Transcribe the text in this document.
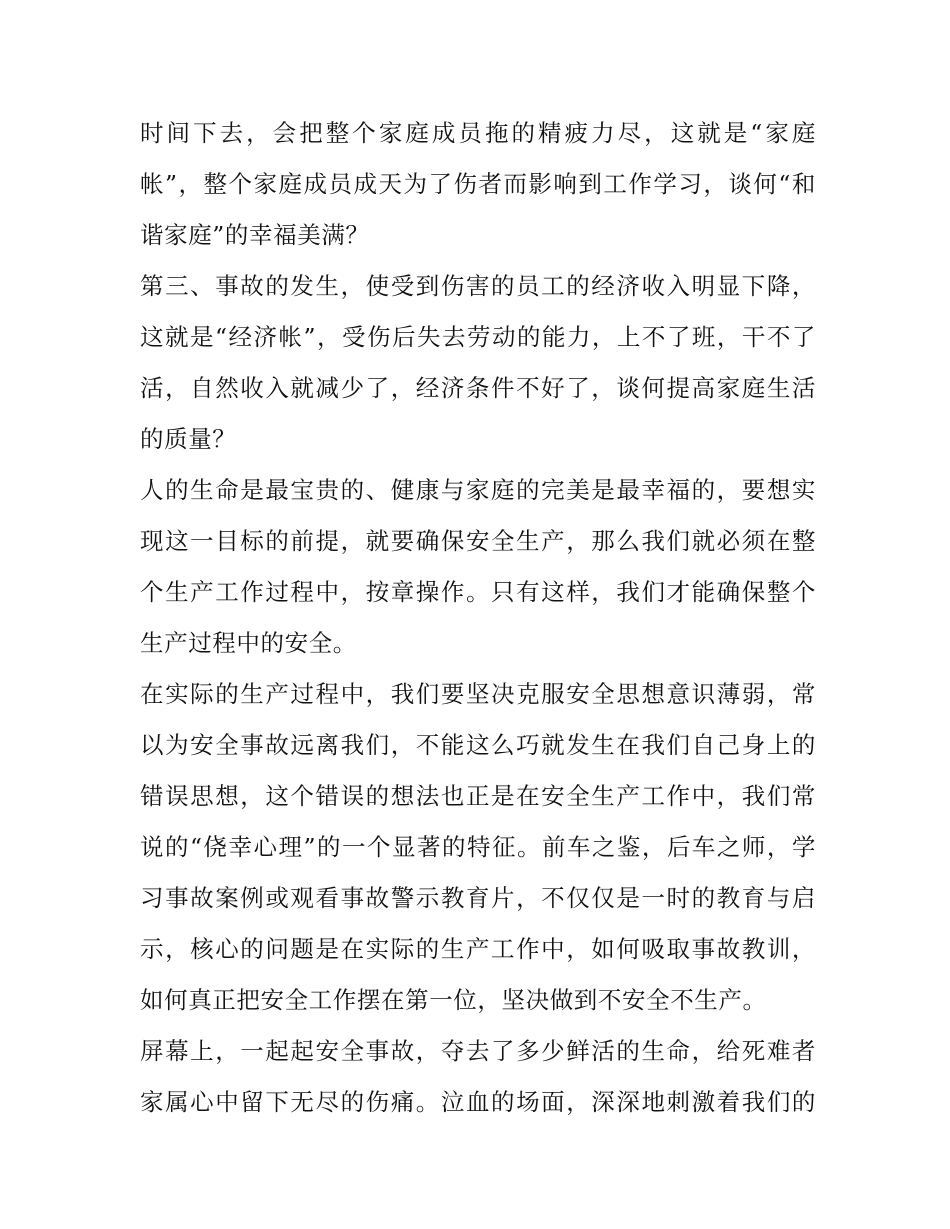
时间下去，会把整个家庭成员拖的精疲力尽，这就是“家庭
帐”，整个家庭成员成天为了伤者而影响到工作学习，谈何“和
谐家庭”的幸福美满？
第三、事故的发生，使受到伤害的员工的经济收入明显下降，
这就是“经济帐”，受伤后失去劳动的能力，上不了班，干不了
活，自然收入就减少了，经济条件不好了，谈何提高家庭生活
的质量？
人的生命是最宝贵的、健康与家庭的完美是最幸福的，要想实
现这一目标的前提，就要确保安全生产，那么我们就必须在整
个生产工作过程中，按章操作。只有这样，我们才能确保整个
生产过程中的安全。
在实际的生产过程中，我们要坚决克服安全思想意识薄弱，常
以为安全事故远离我们，不能这么巧就发生在我们自己身上的
错误思想，这个错误的想法也正是在安全生产工作中，我们常
说的“侥幸心理”的一个显著的特征。前车之鉴，后车之师，学
习事故案例或观看事故警示教育片，不仅仅是一时的教育与启
示，核心的问题是在实际的生产工作中，如何吸取事故教训，
如何真正把安全工作摆在第一位，坚决做到不安全不生产。
屏幕上，一起起安全事故，夺去了多少鲜活的生命，给死难者
家属心中留下无尽的伤痛。泣血的场面，深深地刺激着我们的
